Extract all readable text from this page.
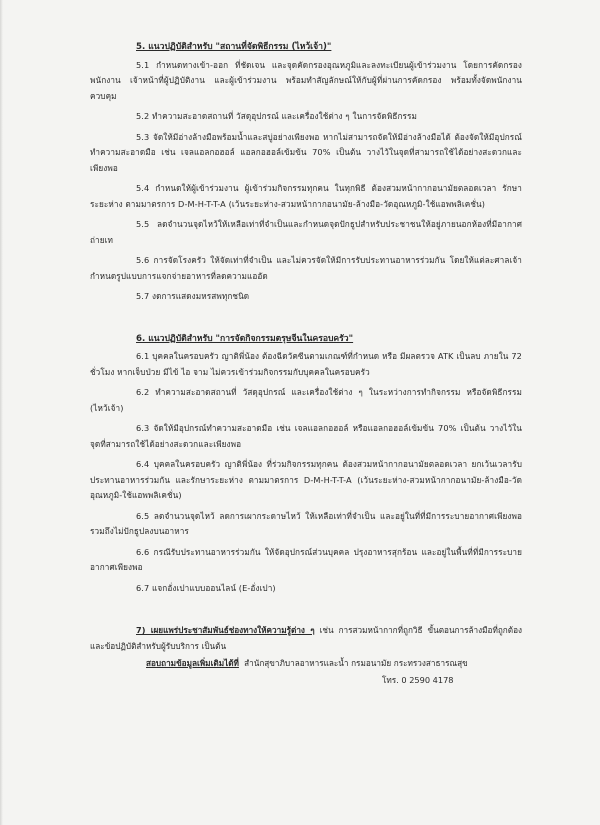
5. แนวปฏิบัติสำหรับ "สถานที่จัดพิธีกรรม (ไหว้เจ้า)"
5.1 กำหนดทางเข้า-ออก ที่ชัดเจน และจุดคัดกรองอุณหภูมิและลงทะเบียนผู้เข้าร่วมงาน โดยการคัดกรองพนักงาน เจ้าหน้าที่ผู้ปฏิบัติงาน และผู้เข้าร่วมงาน พร้อมทำสัญลักษณ์ให้กับผู้ที่ผ่านการคัดกรอง พร้อมทั้งจัดพนักงานควบคุม
5.2 ทำความสะอาดสถานที่ วัสดุอุปกรณ์ และเครื่องใช้ต่าง ๆ ในการจัดพิธีกรรม
5.3 จัดให้มีอ่างล้างมือพร้อมน้ำและสบู่อย่างเพียงพอ หากไม่สามารถจัดให้มีอ่างล้างมือได้ ต้องจัดให้มีอุปกรณ์ทำความสะอาดมือ เช่น เจลแอลกอฮอล์ แอลกอฮอล์เข้มข้น 70% เป็นต้น วางไว้ในจุดที่สามารถใช้ได้อย่างสะดวกและเพียงพอ
5.4 กำหนดให้ผู้เข้าร่วมงาน ผู้เข้าร่วมกิจกรรมทุกคน ในทุกพิธี ต้องสวมหน้ากากอนามัยตลอดเวลา รักษาระยะห่าง ตามมาตรการ D-M-H-T-T-A (เว้นระยะห่าง-สวมหน้ากากอนามัย-ล้างมือ-วัดอุณหภูมิ-ใช้แอพพลิเคชั่น)
5.5 ลดจำนวนจุดไหว้ให้เหลือเท่าที่จำเป็นและกำหนดจุดปักธูปสำหรับประชาชนให้อยู่ภายนอกห้องที่มีอากาศถ่ายเท
5.6 การจัดโรงครัว ให้จัดเท่าที่จำเป็น และไม่ควรจัดให้มีการรับประทานอาหารร่วมกัน โดยให้แต่ละศาลเจ้ากำหนดรูปแบบการแจกจ่ายอาหารที่ลดความแออัด
5.7 งดการแสดงมหรสพทุกชนิด
6. แนวปฏิบัติสำหรับ "การจัดกิจกรรมตรุษจีนในครอบครัว"
6.1 บุคคลในครอบครัว ญาติพี่น้อง ต้องฉีดวัคซีนตามเกณฑ์ที่กำหนด หรือ มีผลตรวจ ATK เป็นลบ ภายใน 72 ชั่วโมง หากเจ็บป่วย มีไข้ ไอ จาม ไม่ควรเข้าร่วมกิจกรรมกับบุคคลในครอบครัว
6.2 ทำความสะอาดสถานที่ วัสดุอุปกรณ์ และเครื่องใช้ต่าง ๆ ในระหว่างการทำกิจกรรม หรือจัดพิธีกรรม (ไหว้เจ้า)
6.3 จัดให้มีอุปกรณ์ทำความสะอาดมือ เช่น เจลแอลกอฮอล์ หรือแอลกอฮอล์เข้มข้น 70% เป็นต้น วางไว้ในจุดที่สามารถใช้ได้อย่างสะดวกและเพียงพอ
6.4 บุคคลในครอบครัว ญาติพี่น้อง ที่ร่วมกิจกรรมทุกคน ต้องสวมหน้ากากอนามัยตลอดเวลา ยกเว้นเวลารับประทานอาหารร่วมกัน และรักษาระยะห่าง ตามมาตรการ D-M-H-T-T-A (เว้นระยะห่าง-สวมหน้ากากอนามัย-ล้างมือ-วัดอุณหภูมิ-ใช้แอพพลิเคชั่น)
6.5 ลดจำนวนจุดไหว้ ลดการเผากระดาษไหว้ ให้เหลือเท่าที่จำเป็น และอยู่ในที่ที่มีการระบายอากาศเพียงพอ รวมถึงไม่ปักธูปลงบนอาหาร
6.6 กรณีรับประทานอาหารร่วมกัน ให้จัดอุปกรณ์ส่วนบุคคล ปรุงอาหารสุกร้อน และอยู่ในพื้นที่ที่มีการระบายอากาศเพียงพอ
6.7 แจกอั่งเปาแบบออนไลน์ (E-อั่งเปา)
7) เผยแพร่ประชาสัมพันธ์ช่องทางให้ความรู้ต่าง ๆ เช่น การสวมหน้ากากที่ถูกวิธี ขั้นตอนการล้างมือที่ถูกต้อง และข้อปฏิบัติสำหรับผู้รับบริการ เป็นต้น
สอบถามข้อมูลเพิ่มเติมได้ที่ สำนักสุขาภิบาลอาหารและน้ำ กรมอนามัย กระทรวงสาธารณสุข
โทร. 0 2590 4178
